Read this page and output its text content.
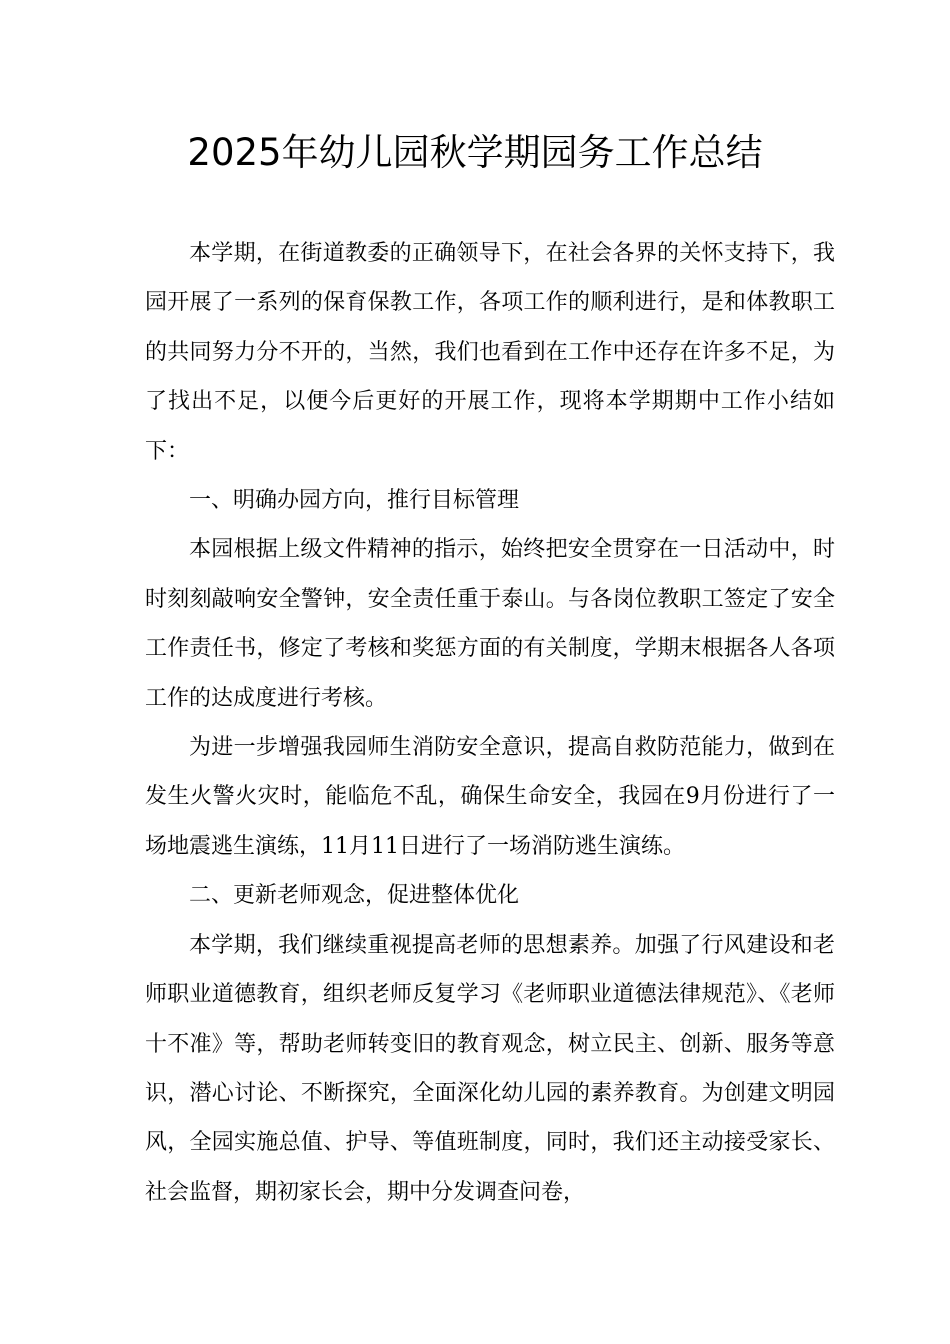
2025年幼儿园秋学期园务工作总结

本学期，在街道教委的正确领导下，在社会各界的关怀支持下，我园开展了一系列的保育保教工作，各项工作的顺利进行，是和体教职工的共同努力分不开的，当然，我们也看到在工作中还存在许多不足，为了找出不足，以便今后更好的开展工作，现将本学期期中工作小结如下：

一、明确办园方向，推行目标管理

本园根据上级文件精神的指示，始终把安全贯穿在一日活动中，时时刻刻敲响安全警钟，安全责任重于泰山。与各岗位教职工签定了安全工作责任书，修定了考核和奖惩方面的有关制度，学期末根据各人各项工作的达成度进行考核。

为进一步增强我园师生消防安全意识，提高自救防范能力，做到在发生火警火灾时，能临危不乱，确保生命安全，我园在9月份进行了一场地震逃生演练，11月11日进行了一场消防逃生演练。

二、更新老师观念，促进整体优化

本学期，我们继续重视提高老师的思想素养。加强了行风建设和老师职业道德教育，组织老师反复学习《老师职业道德法律规范》、《老师十不准》等，帮助老师转变旧的教育观念，树立民主、创新、服务等意识，潜心讨论、不断探究，全面深化幼儿园的素养教育。为创建文明园风，全园实施总值、护导、等值班制度，同时，我们还主动接受家长、社会监督，期初家长会，期中分发调查问卷，
